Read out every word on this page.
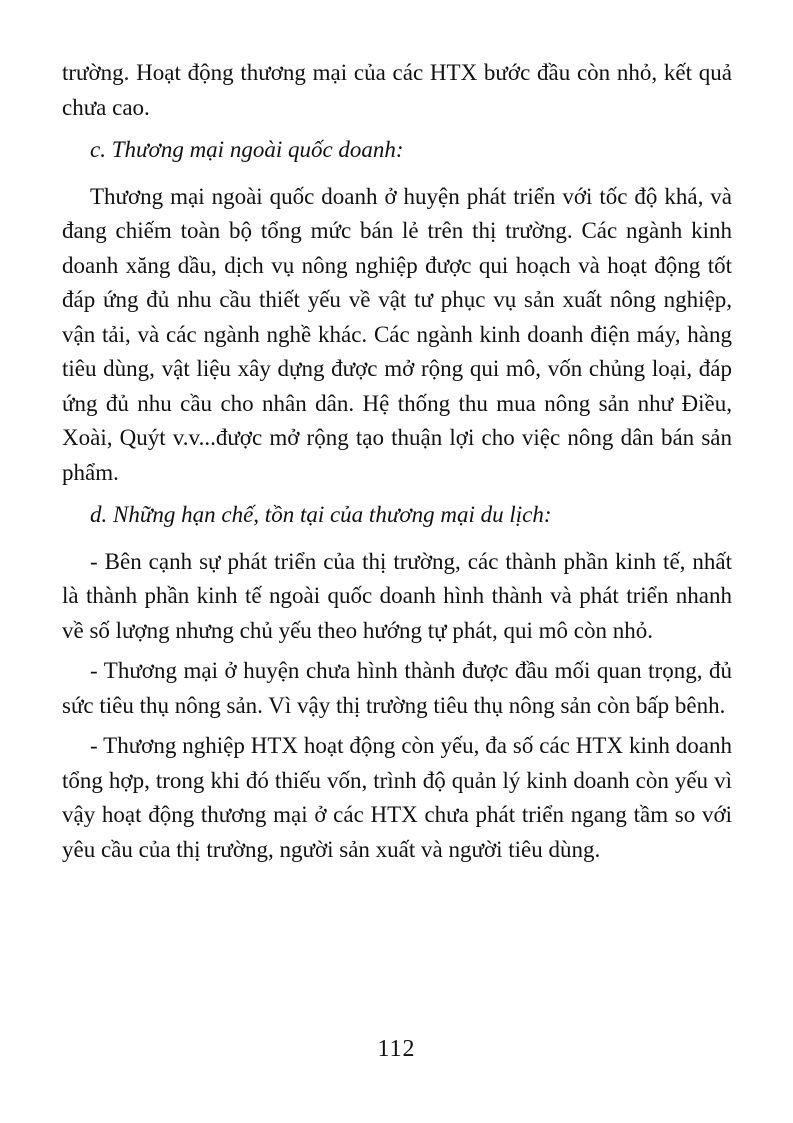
trường. Hoạt động thương mại của các HTX bước đầu còn nhỏ, kết quả chưa cao.

c. Thương mại ngoài quốc doanh:

Thương mại ngoài quốc doanh ở huyện phát triển với tốc độ khá, và đang chiếm toàn bộ tổng mức bán lẻ trên thị trường. Các ngành kinh doanh xăng dầu, dịch vụ nông nghiệp được qui hoạch và hoạt động tốt đáp ứng đủ nhu cầu thiết yếu về vật tư phục vụ sản xuất nông nghiệp, vận tải, và các ngành nghề khác. Các ngành kinh doanh điện máy, hàng tiêu dùng, vật liệu xây dựng được mở rộng qui mô, vốn chủng loại, đáp ứng đủ nhu cầu cho nhân dân. Hệ thống thu mua nông sản như Điều, Xoài, Quýt v.v...được mở rộng tạo thuận lợi cho việc nông dân bán sản phẩm.

d. Những hạn chế, tồn tại của thương mại du lịch:

- Bên cạnh sự phát triển của thị trường, các thành phần kinh tế, nhất là thành phần kinh tế ngoài quốc doanh hình thành và phát triển nhanh về số lượng nhưng chủ yếu theo hướng tự phát, qui mô còn nhỏ.

- Thương mại ở huyện chưa hình thành được đầu mối quan trọng, đủ sức tiêu thụ nông sản. Vì vậy thị trường tiêu thụ nông sản còn bấp bênh.

- Thương nghiệp HTX hoạt động còn yếu, đa số các HTX kinh doanh tổng hợp, trong khi đó thiếu vốn, trình độ quản lý kinh doanh còn yếu vì vậy hoạt động thương mại ở các HTX chưa phát triển ngang tầm so với yêu cầu của thị trường, người sản xuất và người tiêu dùng.

112
